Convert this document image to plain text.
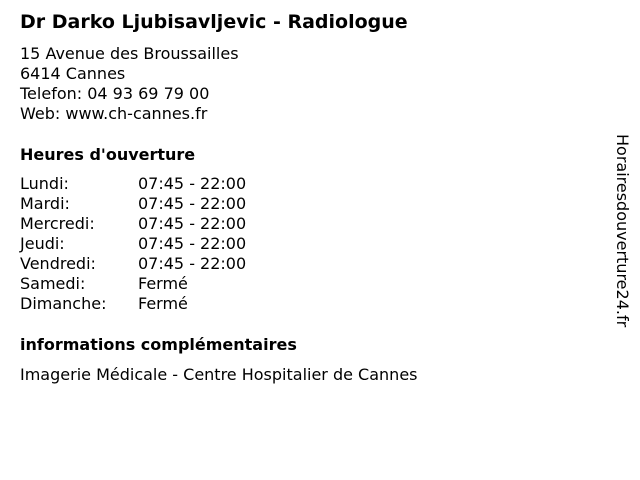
Dr Darko Ljubisavljevic - Radiologue
15 Avenue des Broussailles
6414 Cannes
Telefon: 04 93 69 79 00
Web: www.ch-cannes.fr
Heures d'ouverture
Lundi:	07:45 - 22:00
Mardi:	07:45 - 22:00
Mercredi:	07:45 - 22:00
Jeudi:	07:45 - 22:00
Vendredi:	07:45 - 22:00
Samedi:	Fermé
Dimanche:	Fermé
informations complémentaires
Imagerie Médicale - Centre Hospitalier de Cannes
Horairesdouverture24.fr
